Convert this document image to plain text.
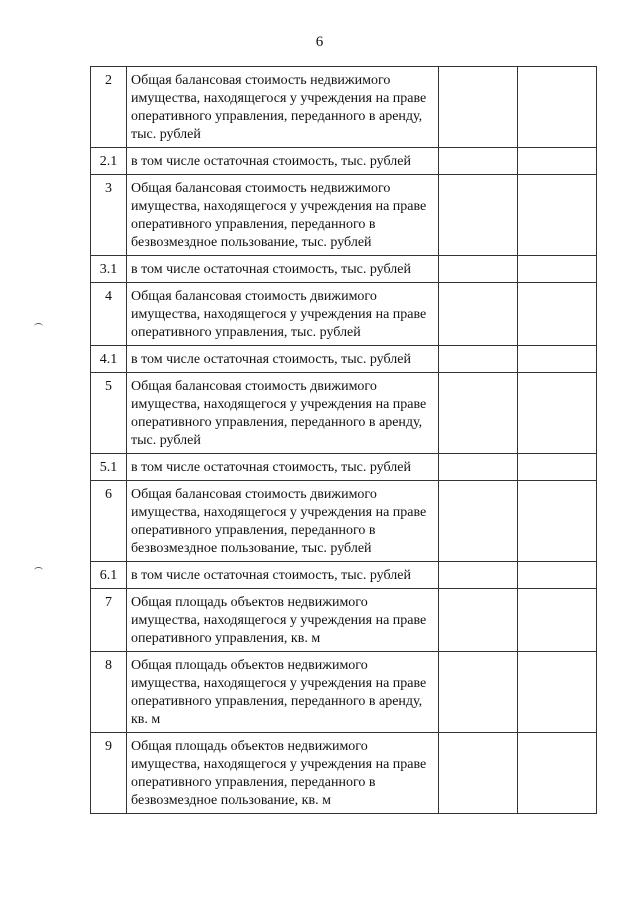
6
2	Общая балансовая стоимость недвижимого имущества, находящегося у учреждения на праве оперативного управления, переданного в аренду, тыс. рублей		
2.1	в том числе остаточная стоимость, тыс. рублей		
3	Общая балансовая стоимость недвижимого имущества, находящегося у учреждения на праве оперативного управления, переданного в безвозмездное пользование, тыс. рублей		
3.1	в том числе остаточная стоимость, тыс. рублей		
4	Общая балансовая стоимость движимого имущества, находящегося у учреждения на праве оперативного управления, тыс. рублей		
4.1	в том числе остаточная стоимость, тыс. рублей		
5	Общая балансовая стоимость движимого имущества, находящегося у учреждения на праве оперативного управления, переданного в аренду, тыс. рублей		
5.1	в том числе остаточная стоимость, тыс. рублей		
6	Общая балансовая стоимость движимого имущества, находящегося у учреждения на праве оперативного управления, переданного в безвозмездное пользование, тыс. рублей		
6.1	в том числе остаточная стоимость, тыс. рублей		
7	Общая площадь объектов недвижимого имущества, находящегося у учреждения на праве оперативного управления, кв. м		
8	Общая площадь объектов недвижимого имущества, находящегося у учреждения на праве оперативного управления, переданного в аренду, кв. м		
9	Общая площадь объектов недвижимого имущества, находящегося у учреждения на праве оперативного управления, переданного в безвозмездное пользование, кв. м		
